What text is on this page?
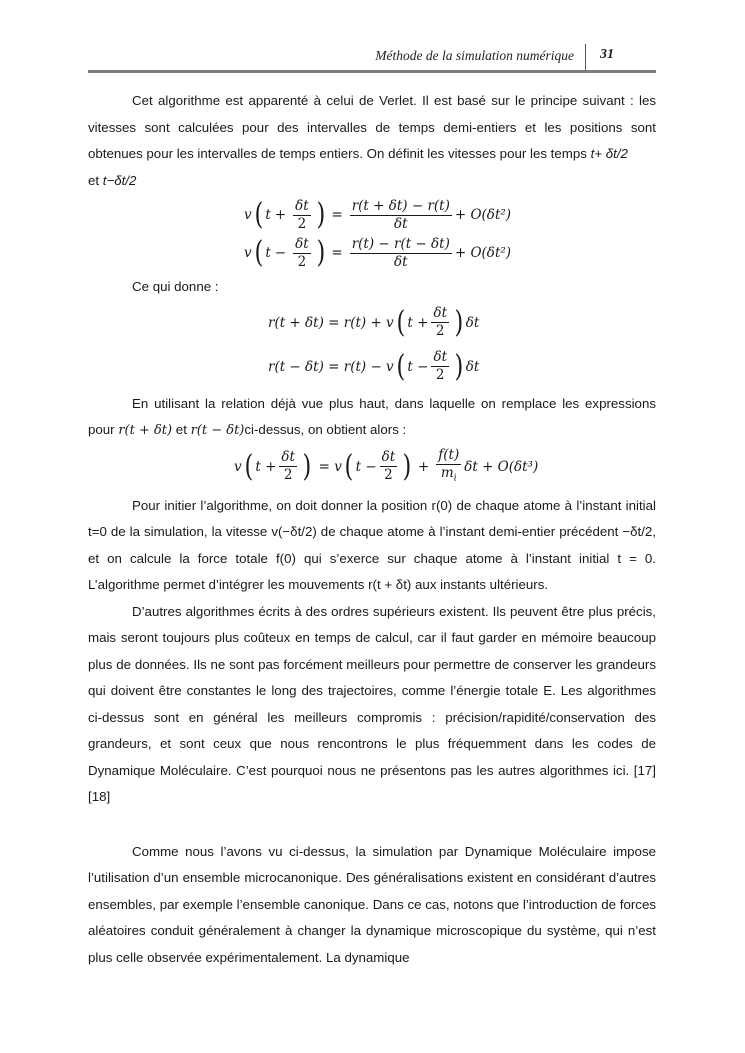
Méthode de la simulation numérique 31

Cet algorithme est apparenté à celui de Verlet. Il est basé sur le principe suivant : les vitesses sont calculées pour des intervalles de temps demi-entiers et les positions sont obtenues pour les intervalles de temps entiers. On définit les vitesses pour les temps t+ δt/2
et t−δt/2

v ( $t + \frac{\delta t}{2}$ ) = $\frac{r(t + \delta t) - r(t)}{\delta t} + O(\delta t^2)$
v ( $t - \frac{\delta t}{2}$ ) = $\frac{r(t) - r(t - \delta t)}{\delta t} + O(\delta t^2)$

Ce qui donne :

r(t + δt) = r(t) + v ( $t + \frac{\delta t}{2}$ ) δt
r(t − δt) = r(t) − v ( $t - \frac{\delta t}{2}$ ) δt

En utilisant la relation déjà vue plus haut, dans laquelle on remplace les expressions pour r(t + δt) et r(t − δt)ci-dessus, on obtient alors :

v ( $t + \frac{\delta t}{2}$ ) = v ( $t - \frac{\delta t}{2}$ ) + $\frac{f(t)}{m_i}$ δt + O(δt³)

Pour initier l’algorithme, on doit donner la position r(0) de chaque atome à l’instant initial t=0 de la simulation, la vitesse v(−δt/2) de chaque atome à l’instant demi-entier précédent −δt/2, et on calcule la force totale f(0) qui s’exerce sur chaque atome à l’instant initial t = 0. L’algorithme permet d’intégrer les mouvements r(t + δt) aux instants ultérieurs.

D’autres algorithmes écrits à des ordres supérieurs existent. Ils peuvent être plus précis, mais seront toujours plus coûteux en temps de calcul, car il faut garder en mémoire beaucoup plus de données. Ils ne sont pas forcément meilleurs pour permettre de conserver les grandeurs qui doivent être constantes le long des trajectoires, comme l’énergie totale E. Les algorithmes ci-dessus sont en général les meilleurs compromis : précision/rapidité/conservation des grandeurs, et sont ceux que nous rencontrons le plus fréquemment dans les codes de Dynamique Moléculaire. C’est pourquoi nous ne présentons pas les autres algorithmes ici. [17][18]

Comme nous l’avons vu ci-dessus, la simulation par Dynamique Moléculaire impose l’utilisation d’un ensemble microcanonique. Des généralisations existent en considérant d’autres ensembles, par exemple l’ensemble canonique. Dans ce cas, notons que l’introduction de forces aléatoires conduit généralement à changer la dynamique microscopique du système, qui n’est plus celle observée expérimentalement. La dynamique
